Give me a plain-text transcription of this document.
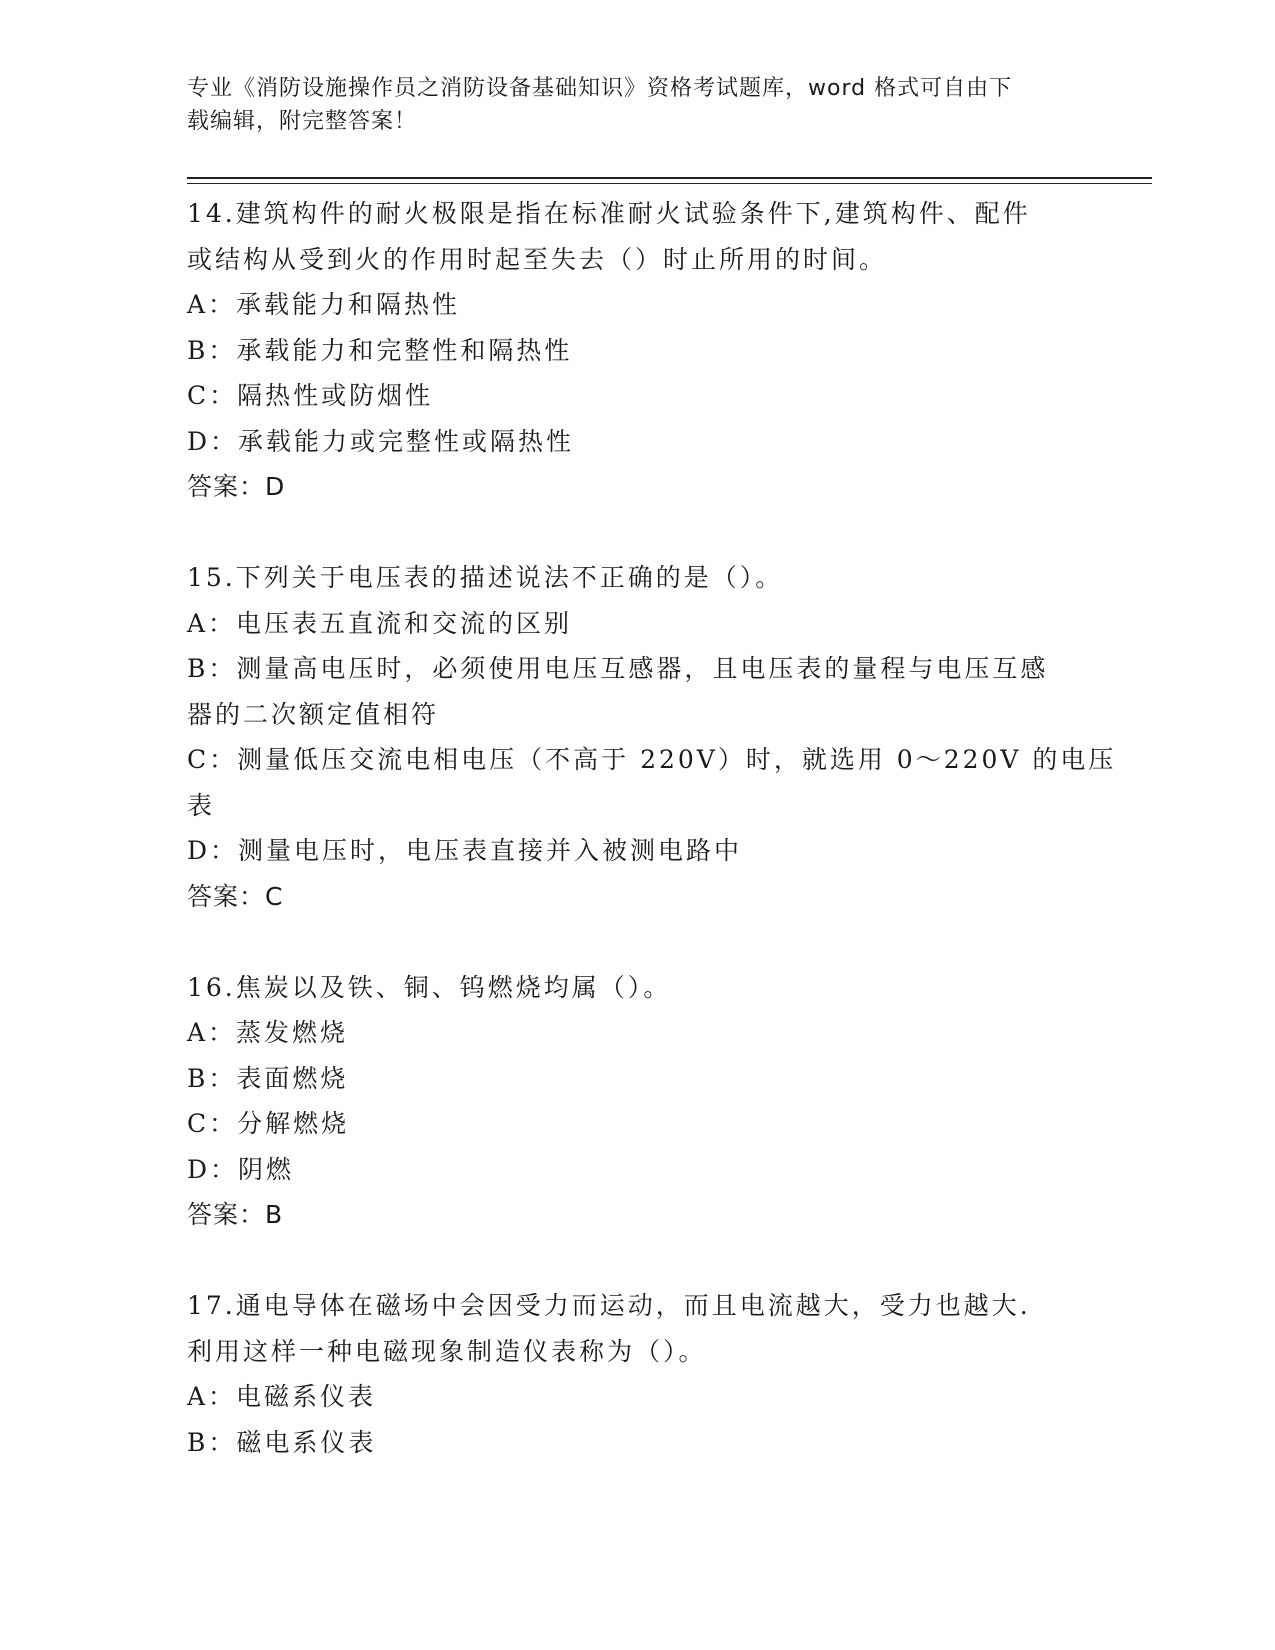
专业《消防设施操作员之消防设备基础知识》资格考试题库，word 格式可自由下
载编辑，附完整答案！
14.建筑构件的耐火极限是指在标准耐火试验条件下,建筑构件、配件
或结构从受到火的作用时起至失去（）时止所用的时间。
A：承载能力和隔热性
B：承载能力和完整性和隔热性
C：隔热性或防烟性
D：承载能力或完整性或隔热性
答案：D
15.下列关于电压表的描述说法不正确的是（）。
A：电压表五直流和交流的区别
B：测量高电压时，必须使用电压互感器，且电压表的量程与电压互感
器的二次额定值相符
C：测量低压交流电相电压（不高于 220V）时，就选用 0～220V 的电压
表
D：测量电压时，电压表直接并入被测电路中
答案：C
16.焦炭以及铁、铜、钨燃烧均属（）。
A：蒸发燃烧
B：表面燃烧
C：分解燃烧
D：阴燃
答案：B
17.通电导体在磁场中会因受力而运动，而且电流越大，受力也越大.
利用这样一种电磁现象制造仪表称为（）。
A：电磁系仪表
B：磁电系仪表
